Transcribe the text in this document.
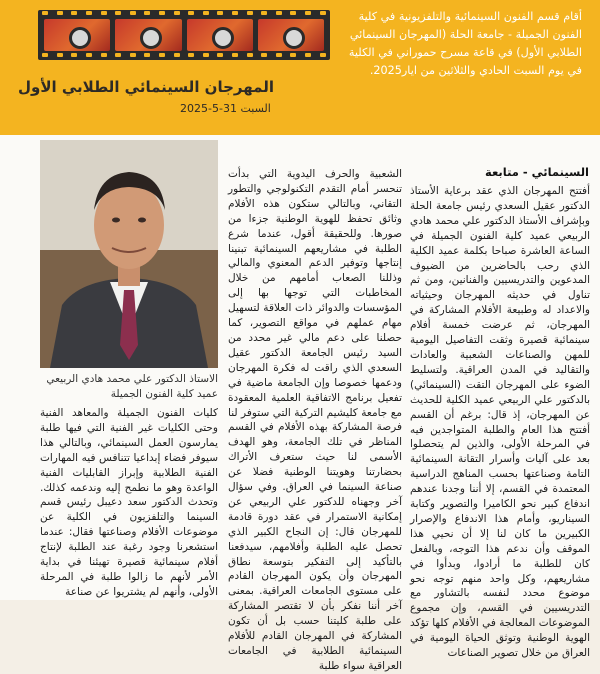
المهرجان السينمائي الطلابي الأول
السبت 31-5-2025
أقام قسم الفنون السينمائية والتلفزيونية في كلية الفنون الجميلة - جامعة الحلة (المهرجان السينمائي الطلابي الأول) في قاعة مسرح حموراني في الكلية في يوم السبت الحادي والثلاثين من ايار2025.
الاستاذ الدكتور علي محمد هادي الربيعي
عميد كلية الفنون الجميلة
السينمائي - متابعة
أفتتح المهرجان الذي عقد برعاية الأستاذ الدكتور عقيل السعدي رئيس جامعة الحلة وبإشراف الأستاذ الدكتور علي محمد هادي الربيعي عميد كلية الفنون الجميلة في الساعة العاشرة صباحا بكلمة عميد الكلية الذي رحب بالحاضرين من الضيوف المدعوين والتدريسيين والفنانين، ومن ثم تناول في حديثه المهرجان وحيثياته والاعداد له وطبيعة الأفلام المشاركة في المهرجان، ثم عرضت خمسة أفلام سينمائية قصيرة وثقت التفاصيل اليومية للمهن والصناعات الشعبية والعادات والتقاليد في المدن العراقية. ولتسليط الضوء على المهرجان التقت (السينمائي) بالدكتور علي الربيعي عميد الكلية للحديث عن المهرجان، إذ قال: برغم أن القسم أفتتح هذا العام والطلبة المتواجدين فيه في المرحلة الأولى، والذين لم يتحصلوا بعد على آليات وأسرار التقانة السينمائية التامة وصناعتها بحسب المناهج الدراسية المعتمدة في القسم، إلا أننا وجدنا عندهم اندفاع كبير نحو الكاميرا والتصوير وكتابة السيناريو، وأمام هذا الاندفاع والإصرار الكبيرين ما كان لنا إلا أن نحيي هذا الموقف وأن ندعم هذا التوجه، وبالفعل كان للطلبة ما أرادوا، وبدأوا في مشاريعهم، وكل واحد منهم توجه نحو موضوع محدد لنفسه بالتشاور مع التدريسيين في القسم، وإن مجموع الموضوعات المعالجة في الأفلام كلها تؤكد الهوية الوطنية وتوثق الحياة اليومية في العراق من خلال تصوير الصناعات
الشعبية والحرف اليدوية التي بدأت تنحسر أمام التقدم التكنولوجي والتطور التقاني، وبالتالي ستكون هذه الأفلام وثائق تحفظ للهوية الوطنية جزءا من صورها. وللحقيقة أقول، عندما شرع الطلبة في مشاريعهم السينمائية تبنينا إنتاجها وتوفير الدعم المعنوي والمالي وذللنا الصعاب أمامهم من خلال المخاطبات التي توجها بها إلى المؤسسات والدوائر ذات العلاقة لتسهيل مهام عملهم في مواقع التصوير، كما حصلنا على دعم مالي غير محدد من السيد رئيس الجامعة الدكتور عقيل السعدي الذي راقت له فكرة المهرجان ودعمها خصوصا وإن الجامعة ماضية في تفعيل برنامج الاتفاقية العلمية المعقودة مع جامعة كليشيم التركية التي ستوفر لنا فرصة المشاركة بهذه الأفلام في القسم المناظر في تلك الجامعة، وهو الهدف الأسمى لنا حيث ستعرف الأتراك بحضارتنا وهويتنا الوطنية فضلا عن صناعة السينما في العراق. وفي سؤال آخر وجهناه للدكتور علي الربيعي عن إمكانية الاستمرار في عقد دورة قادمة للمهرجان قال: إن النجاح الكبير الذي تحصل عليه الطلبة وأفلامهم، سيدفعنا بالتأكيد إلى التفكير بتوسعة نطاق المهرجان وأن يكون المهرجان القادم على مستوى الجامعات العراقية. بمعنى آخر أننا نفكر بأن لا تقتصر المشاركة على طلبة كليتنا حسب بل أن تكون المشاركة في المهرجان القادم للأفلام السينمائية الطلابية في الجامعات العراقية سواء طلبة
كليات الفنون الجميلة والمعاهد الفنية وحتى الكليات غير الفنية التي فيها طلبة يمارسون العمل السينمائي، وبالتالي هذا سيوفر فضاء إبداعيا تتنافس فيه المهارات الفنية الطلابية وإبراز القابليات الفنية الواعدة وهو ما نطمح إليه وندعمه كذلك. وتحدث الدكتور سعد دعيبل رئيس قسم السينما والتلفزيون في الكلية عن موضوعات الأفلام وصناعتها فقال: عندما استشعرنا وجود رغبة عند الطلبة لإنتاج أفلام سينمائية قصيرة تهيئنا في بداية الأمر لأنهم ما زالوا طلبة في المرحلة الأولى، وأنهم لم يشتريوا عن صناعة
